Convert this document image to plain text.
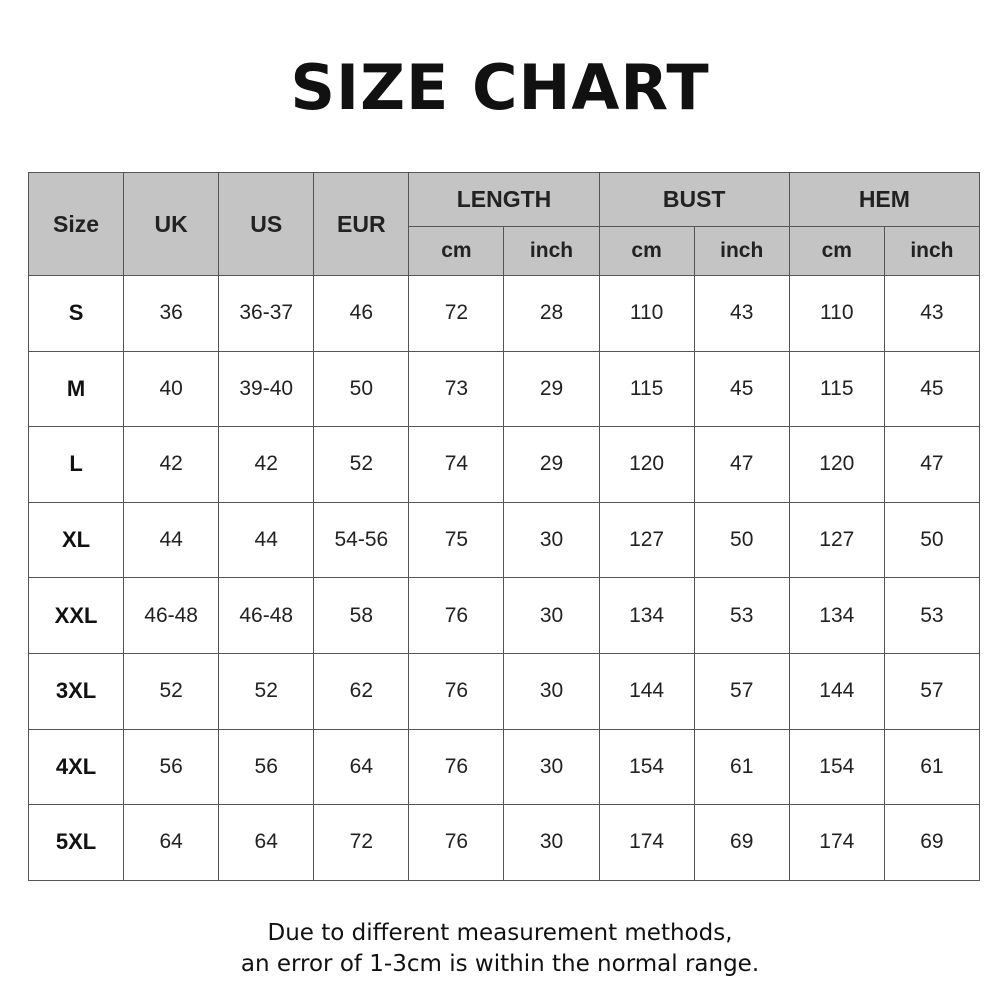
SIZE CHART
Size	UK	US	EUR	LENGTH		BUST		HEM	
				cm	inch	cm	inch	cm	inch
S	36	36-37	46	72	28	110	43	110	43
M	40	39-40	50	73	29	115	45	115	45
L	42	42	52	74	29	120	47	120	47
XL	44	44	54-56	75	30	127	50	127	50
XXL	46-48	46-48	58	76	30	134	53	134	53
3XL	52	52	62	76	30	144	57	144	57
4XL	56	56	64	76	30	154	61	154	61
5XL	64	64	72	76	30	174	69	174	69
Due to different measurement methods,
an error of 1-3cm is within the normal range.
